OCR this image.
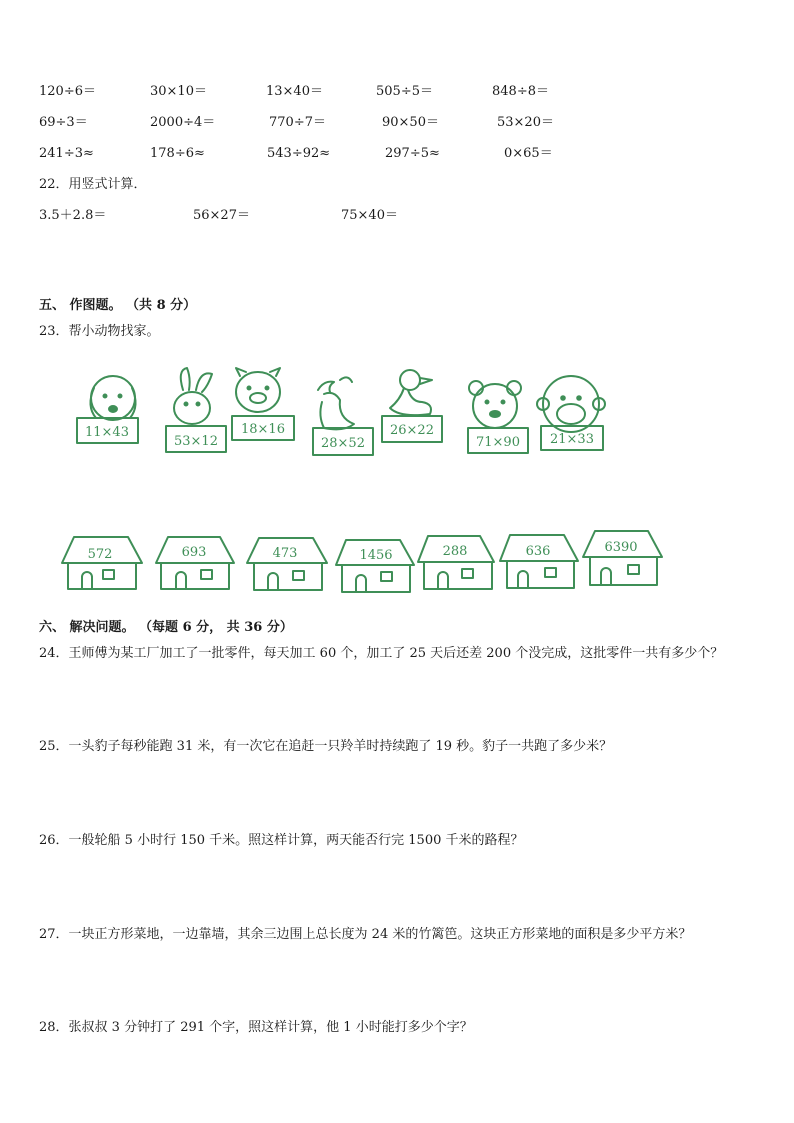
120÷6＝	30×10＝	13×40＝	505÷5＝	848÷8＝
69÷3＝	2000÷4＝	770÷7＝	90×50＝	53×20＝
241÷3≈	178÷6≈	543÷92≈	297÷5≈	0×65＝
22．用竖式计算．
3.5＋2.8＝	56×27＝	75×40＝
五、 作图题。 （共 8 分）
23．帮小动物找家。
11×43
53×12
18×16
28×52
26×22
71×90 21×33
572	693	473	1456	288	636	6390
六、 解决问题。 （每题 6 分， 共 36 分）
24．王师傅为某工厂加工了一批零件，每天加工 60 个，加工了 25 天后还差 200 个没完成，这批零件一共有多少个？
25．一头豹子每秒能跑 31 米，有一次它在追赶一只羚羊时持续跑了 19 秒。豹子一共跑了多少米？
26．一般轮船 5 小时行 150 千米。照这样计算，两天能否行完 1500 千米的路程？
27．一块正方形菜地，一边靠墙，其余三边围上总长度为 24 米的竹篱笆。这块正方形菜地的面积是多少平方米？
28．张叔叔 3 分钟打了 291 个字，照这样计算，他 1 小时能打多少个字？
